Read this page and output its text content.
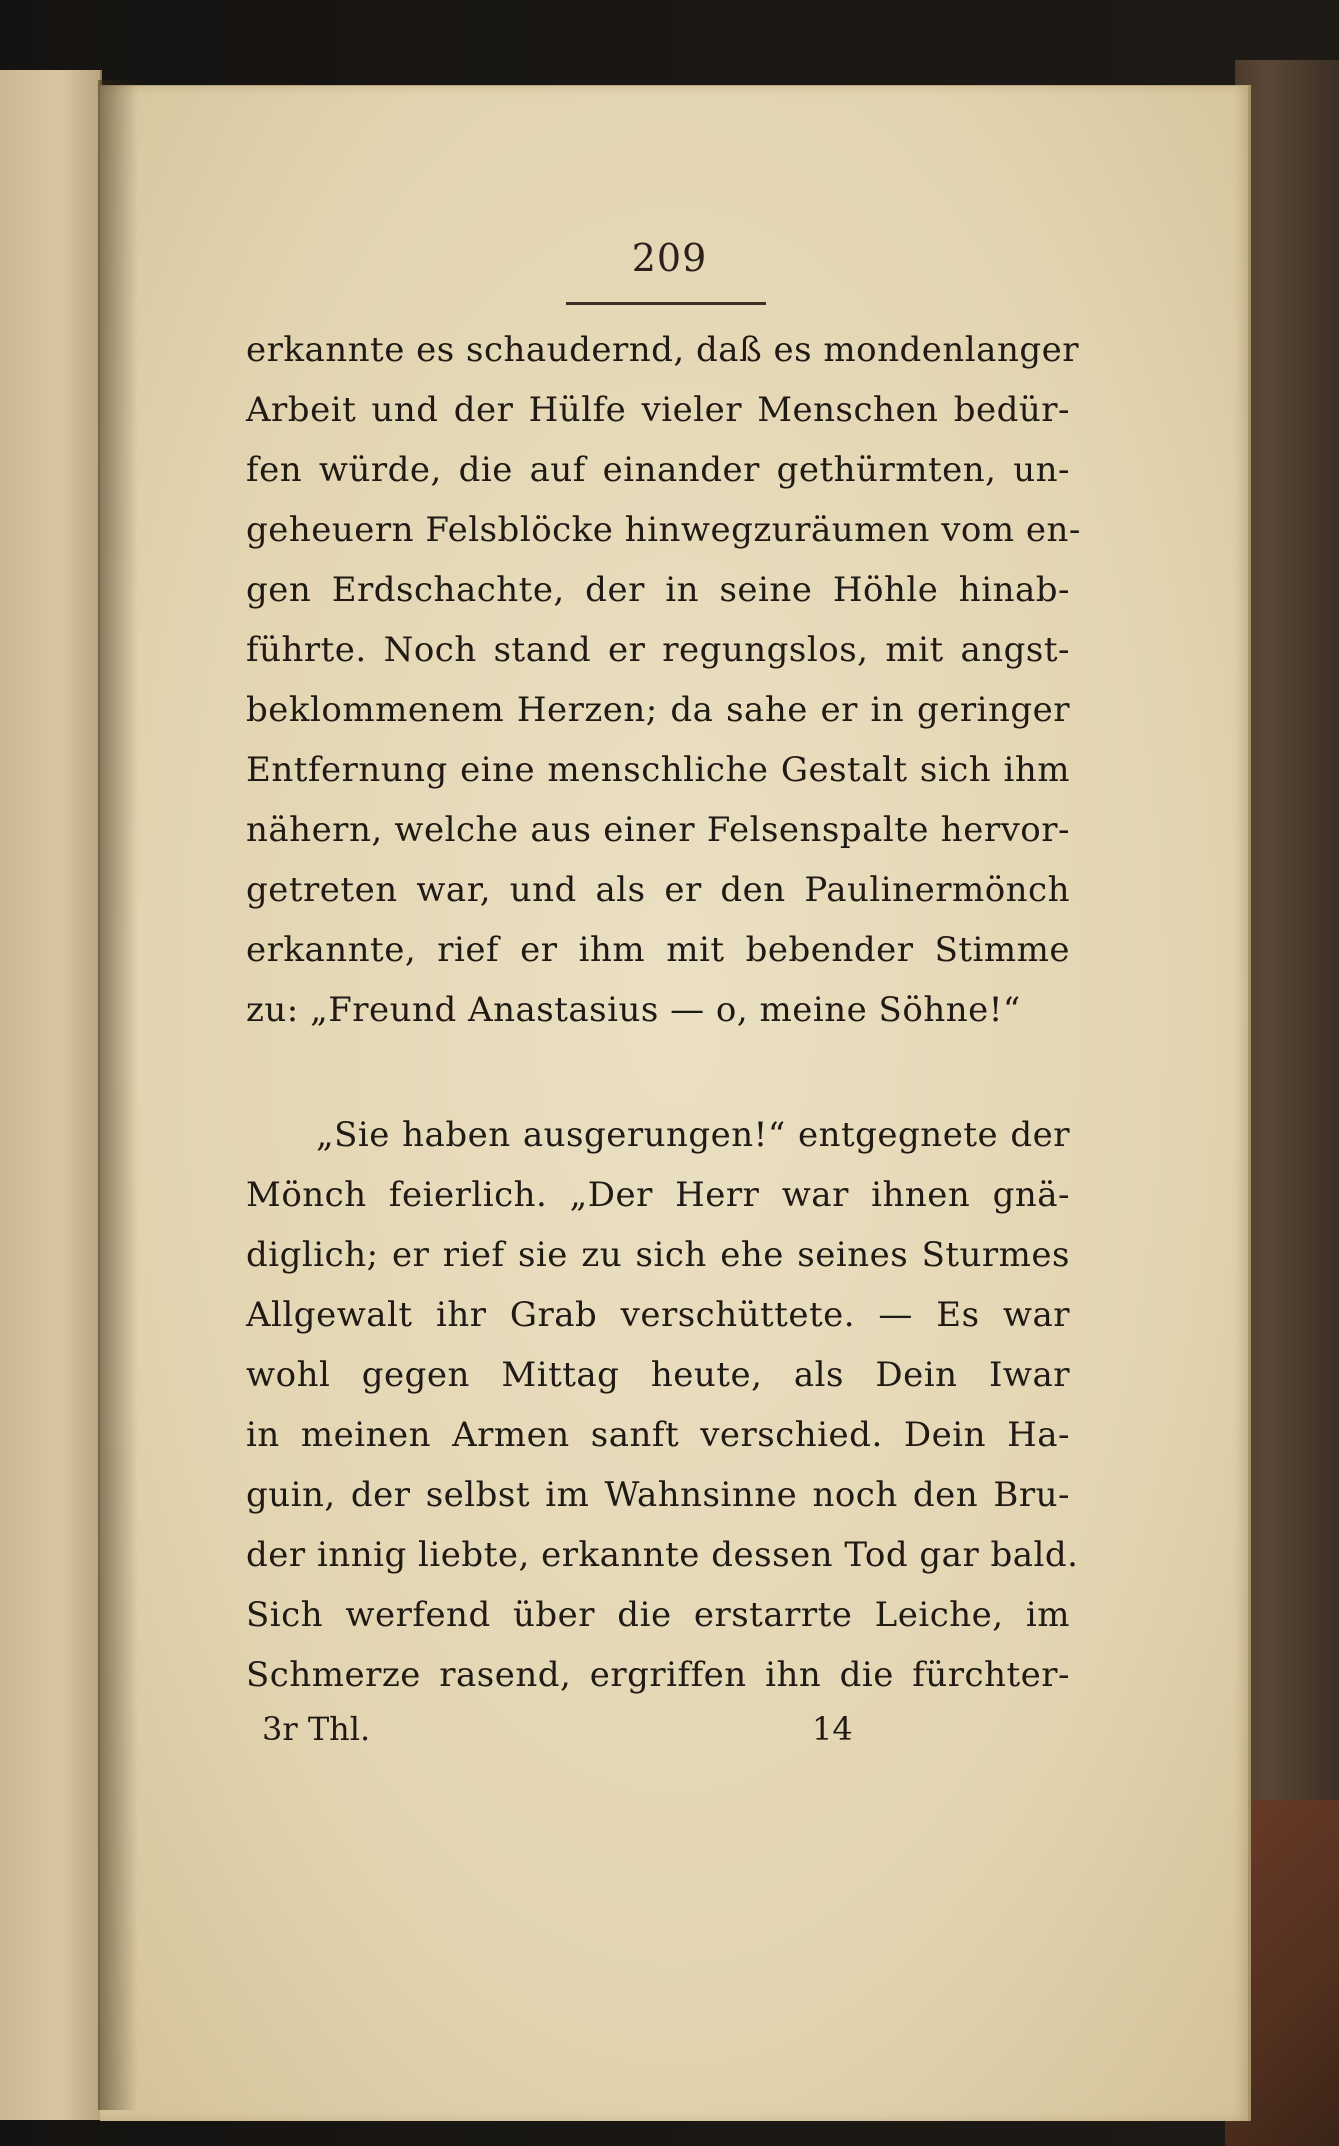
209
erkannte es schaudernd, daß es mondenlanger
Arbeit und der Hülfe vieler Menschen bedür-
fen würde, die auf einander gethürmten, un-
geheuern Felsblöcke hinwegzuräumen vom en-
gen Erdschachte, der in seine Höhle hinab-
führte. Noch stand er regungslos, mit angst-
beklommenem Herzen; da sahe er in geringer
Entfernung eine menschliche Gestalt sich ihm
nähern, welche aus einer Felsenspalte hervor-
getreten war, und als er den Paulinermönch
erkannte, rief er ihm mit bebender Stimme
zu: „Freund Anastasius — o, meine Söhne!“
„Sie haben ausgerungen!“ entgegnete der
Mönch feierlich. „Der Herr war ihnen gnä-
diglich; er rief sie zu sich ehe seines Sturmes
Allgewalt ihr Grab verschüttete. — Es war
wohl gegen Mittag heute, als Dein Iwar
in meinen Armen sanft verschied. Dein Ha-
guin, der selbst im Wahnsinne noch den Bru-
der innig liebte, erkannte dessen Tod gar bald.
Sich werfend über die erstarrte Leiche, im
Schmerze rasend, ergriffen ihn die fürchter-
3r Thl.	14
